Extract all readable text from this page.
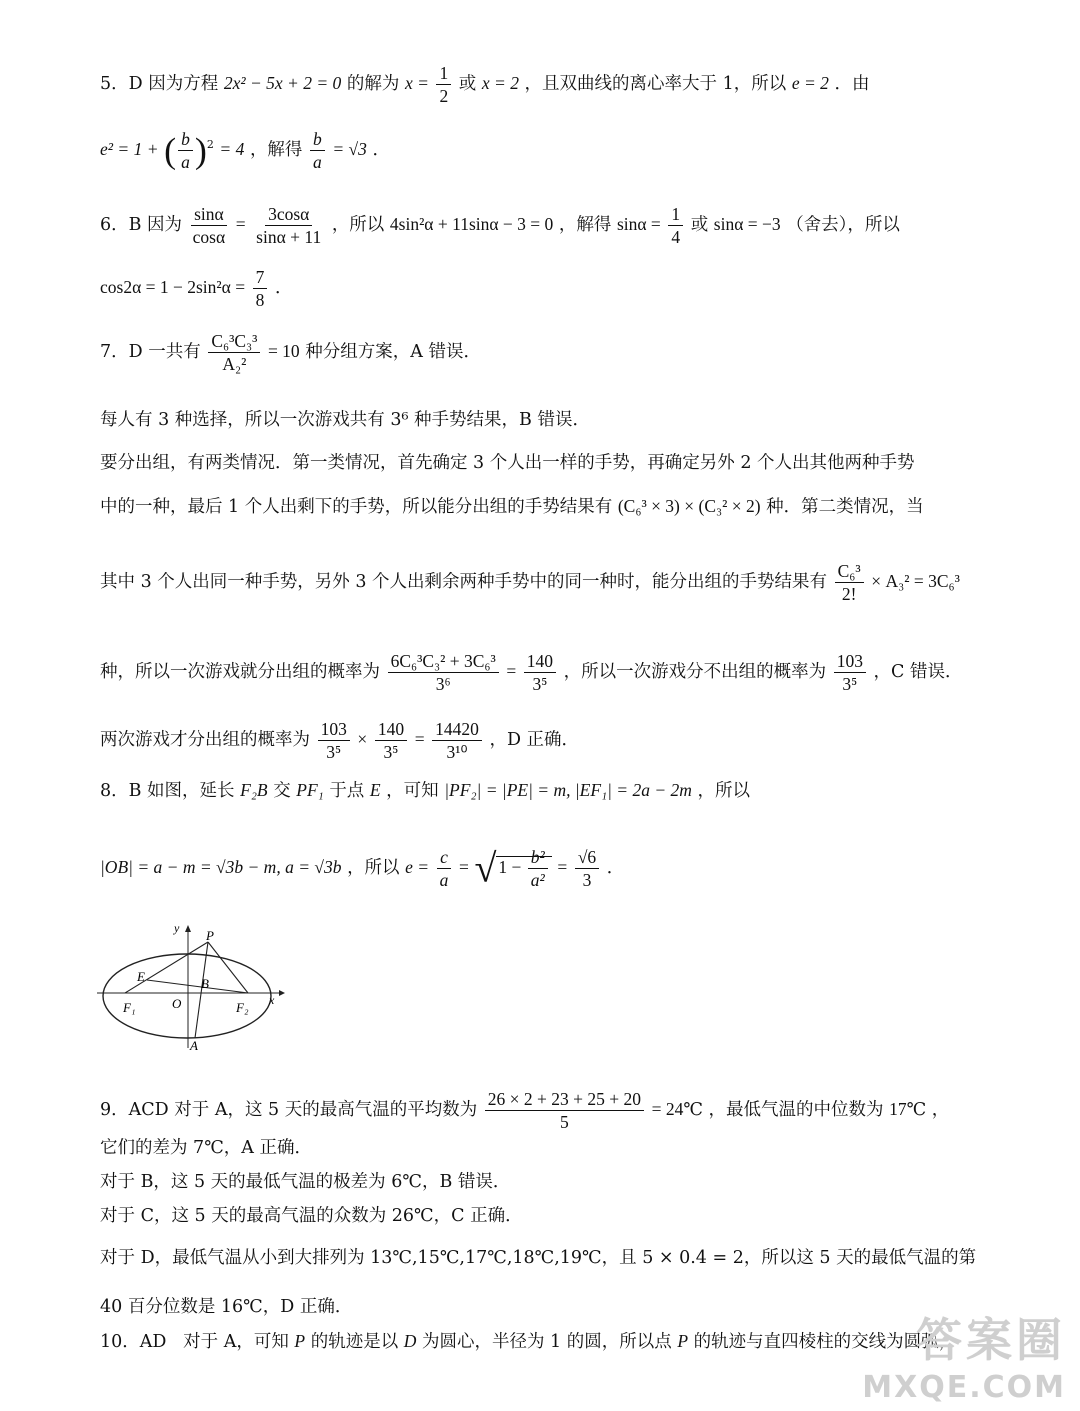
5．D 因为方程 2x² − 5x + 2 = 0 的解为 $x = \frac{1}{2}$ 或 x = 2 ，且双曲线的离心率大于 1，所以 e = 2 ．由
e² = 1 + ( $\frac{b}{a} )^2 = 4$ ，解得 $\frac{b}{a} = √3$ ．
6．B 因为 $\frac{\sin\alpha}{\cos\alpha} = \frac{3\cos\alpha}{\sin\alpha + 11}$ ，所以 4sin²α + 11sinα − 3 = 0 ，解得 $\sin\alpha = \frac{1}{4}$ 或 sinα = −3 （舍去），所以
$\cos 2\alpha = 1 - 2\sin^2\alpha = \frac{7}{8}$ ．
7．D 一共有 $\frac{\text{C₆³C₃³}}{\text{A₂²}} = 10$ 种分组方案，A 错误．
每人有 3 种选择，所以一次游戏共有 3⁶ 种手势结果，B 错误．
要分出组，有两类情况．第一类情况，首先确定 3 个人出一样的手势，再确定另外 2 个人出其他两种手势
中的一种，最后 1 个人出剩下的手势，所以能分出组的手势结果有 (C₆³ × 3) × (C₃² × 2) 种．第二类情况，当
其中 3 个人出同一种手势，另外 3 个人出剩余两种手势中的同一种时，能分出组的手势结果有 $\frac{\text{C₆³}}{2!} \times A_3^2 = 3C_6^3$
种，所以一次游戏就分出组的概率为 $\frac{\text{6C₆³C₃² + 3C₆³}}{\text{3⁶}} = \frac{140}{\text{3⁵}}$ ，所以一次游戏分不出组的概率为 $\frac{103}{\text{3⁵}}$ ，C 错误．
两次游戏才分出组的概率为 $\frac{103}{\text{3⁵}} \times \frac{140}{\text{3⁵}} = \frac{14420}{\text{3¹⁰}}$ ，D 正确．
8．B 如图，延长 F₂B 交 PF₁ 于点 E ，可知 |PF₂| = |PE| = m, |EF₁| = 2a − 2m ，所以
|OB| = a − m = √3b − m, a = √3b ，所以 $e = \frac{c}{a}$ = √ $1 - \frac{\text{b²}}{\text{a²}} = \frac{√6}{3}$ ．
y
x
P
E	B
F₁	O	F₂
A
9．ACD 对于 A，这 5 天的最高气温的平均数为 $\frac{26 \times 2 + 23 + 25 + 20}{5}$ = 24℃ ，最低气温的中位数为 17℃ ，
它们的差为 7℃，A 正确．
对于 B，这 5 天的最低气温的极差为 6℃，B 错误．
对于 C，这 5 天的最高气温的众数为 26℃，C 正确．
对于 D，最低气温从小到大排列为 13℃,15℃,17℃,18℃,19℃，且 5 × 0.4 = 2，所以这 5 天的最低气温的第
40 百分位数是 16℃，D 正确．
10．AD 对于 A，可知 P 的轨迹是以 D 为圆心，半径为 1 的圆，所以点 P 的轨迹与直四棱柱的交线为圆弧，
答案圈
MXQE.COM
